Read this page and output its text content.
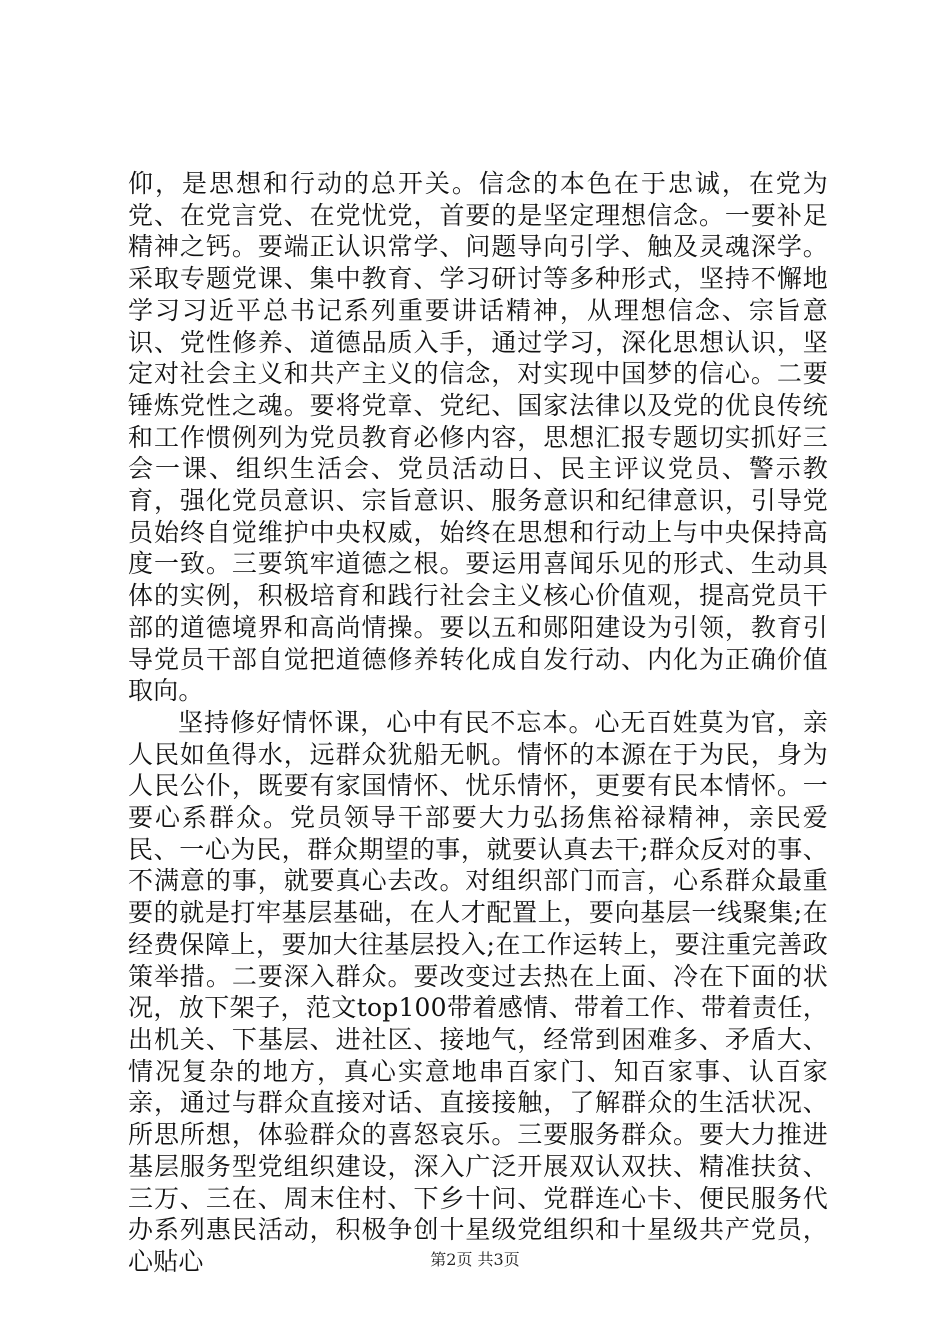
仰，是思想和行动的总开关。信念的本色在于忠诚，在党为党、在党言党、在党忧党，首要的是坚定理想信念。一要补足精神之钙。要端正认识常学、问题导向引学、触及灵魂深学。采取专题党课、集中教育、学习研讨等多种形式，坚持不懈地学习习近平总书记系列重要讲话精神，从理想信念、宗旨意识、党性修养、道德品质入手，通过学习，深化思想认识，坚定对社会主义和共产主义的信念，对实现中国梦的信心。二要锤炼党性之魂。要将党章、党纪、国家法律以及党的优良传统和工作惯例列为党员教育必修内容，思想汇报专题切实抓好三会一课、组织生活会、党员活动日、民主评议党员、警示教育，强化党员意识、宗旨意识、服务意识和纪律意识，引导党员始终自觉维护中央权威，始终在思想和行动上与中央保持高度一致。三要筑牢道德之根。要运用喜闻乐见的形式、生动具体的实例，积极培育和践行社会主义核心价值观，提高党员干部的道德境界和高尚情操。要以五和郧阳建设为引领，教育引导党员干部自觉把道德修养转化成自发行动、内化为正确价值取向。

坚持修好情怀课，心中有民不忘本。心无百姓莫为官，亲人民如鱼得水，远群众犹船无帆。情怀的本源在于为民，身为人民公仆，既要有家国情怀、忧乐情怀，更要有民本情怀。一要心系群众。党员领导干部要大力弘扬焦裕禄精神，亲民爱民、一心为民，群众期望的事，就要认真去干;群众反对的事、不满意的事，就要真心去改。对组织部门而言，心系群众最重要的就是打牢基层基础，在人才配置上，要向基层一线聚集;在经费保障上，要加大往基层投入;在工作运转上，要注重完善政策举措。二要深入群众。要改变过去热在上面、冷在下面的状况，放下架子，范文top100带着感情、带着工作、带着责任，出机关、下基层、进社区、接地气，经常到困难多、矛盾大、情况复杂的地方，真心实意地串百家门、知百家事、认百家亲，通过与群众直接对话、直接接触，了解群众的生活状况、所思所想，体验群众的喜怒哀乐。三要服务群众。要大力推进基层服务型党组织建设，深入广泛开展双认双扶、精准扶贫、三万、三在、周末住村、下乡十问、党群连心卡、便民服务代办系列惠民活动，积极争创十星级党组织和十星级共产党员，心贴心	第2页 共3页
